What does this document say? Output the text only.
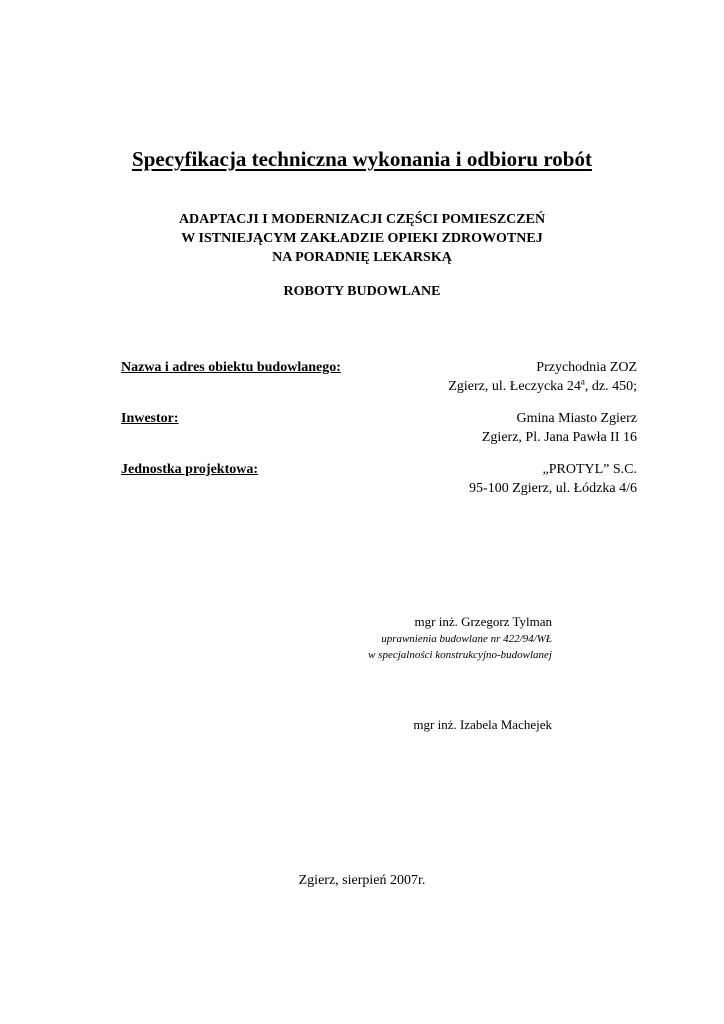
Specyfikacja techniczna wykonania i odbioru robót
ADAPTACJI I MODERNIZACJI CZĘŚCI POMIESZCZEŃ
W ISTNIEJĄCYM ZAKŁADZIE OPIEKI ZDROWOTNEJ
NA PORADNIĘ LEKARSKĄ
ROBOTY BUDOWLANE
Nazwa i adres obiektu budowlanego:	Przychodnia ZOZ
Zgierz, ul. Łeczycka 24$^a$, dz. 450;
Inwestor:	Gmina Miasto Zgierz
Zgierz, Pl. Jana Pawła II 16
Jednostka projektowa:	„PROTYL” S.C.
95-100 Zgierz, ul. Łódzka 4/6
mgr inż. Grzegorz Tylman
uprawnienia budowlane nr 422/94/WŁ
w specjalności konstrukcyjno-budowlanej
mgr inż. Izabela Machejek
Zgierz, sierpień 2007r.
